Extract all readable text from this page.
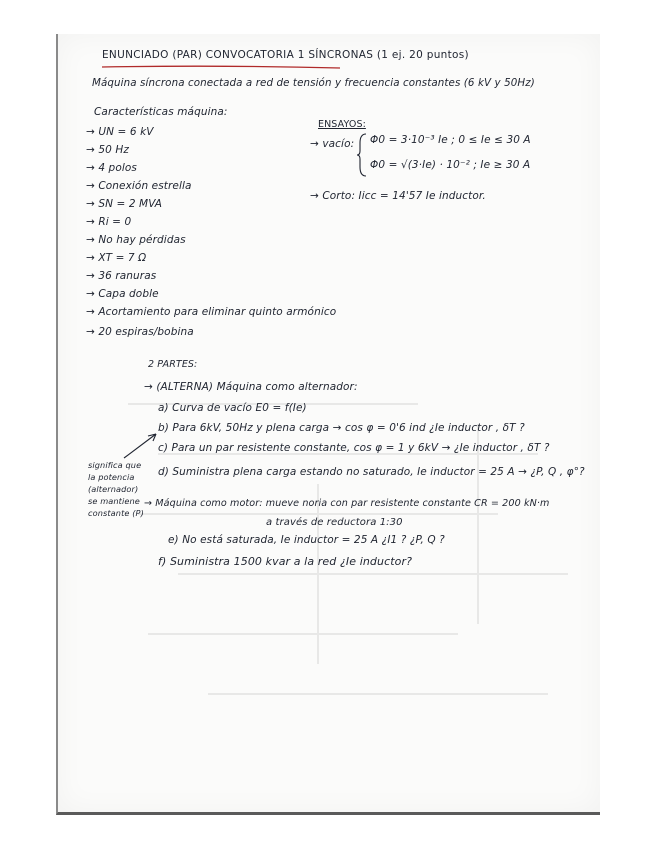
ENUNCIADO (PAR) CONVOCATORIA 1 SÍNCRONAS (1 ej. 20 puntos)
Máquina síncrona conectada a red de tensión y frecuencia constantes (6 kV y 50Hz)
Características máquina:
→ UN = 6 kV
→ 50 Hz
→ 4 polos
→ Conexión estrella
→ SN = 2 MVA
→ Ri = 0
→ No hay pérdidas
→ XT = 7 Ω
→ 36 ranuras
→ Capa doble
→ Acortamiento para eliminar quinto armónico
→ 20 espiras/bobina
ENSAYOS:
→ vacío: Φ0 = 3·10⁻³ Ie ; 0 ≤ Ie ≤ 30 A
Φ0 = √(3·Ie) · 10⁻² ; Ie ≥ 30 A
→ Corto: Iicc = 14'57 Ie inductor.
2 PARTES:
→ (ALTERNA) Máquina como alternador:
a) Curva de vacío E0 = f(Ie)
b) Para 6kV, 50Hz y plena carga → cos φ = 0'6 ind ¿Ie inductor , δT ?
c) Para un par resistente constante, cos φ = 1 y 6kV → ¿Ie inductor , δT ?
d) Suministra plena carga estando no saturado, Ie inductor = 25 A → ¿P, Q , φ°?
significa que
la potencia
(alternador)
se mantiene
constante (P)
→ Máquina como motor: mueve noria con par resistente constante CR = 200 kN·m
a través de reductora 1:30
e) No está saturada, Ie inductor = 25 A ¿I1 ? ¿P, Q ?
f) Suministra 1500 kvar a la red ¿Ie inductor?
